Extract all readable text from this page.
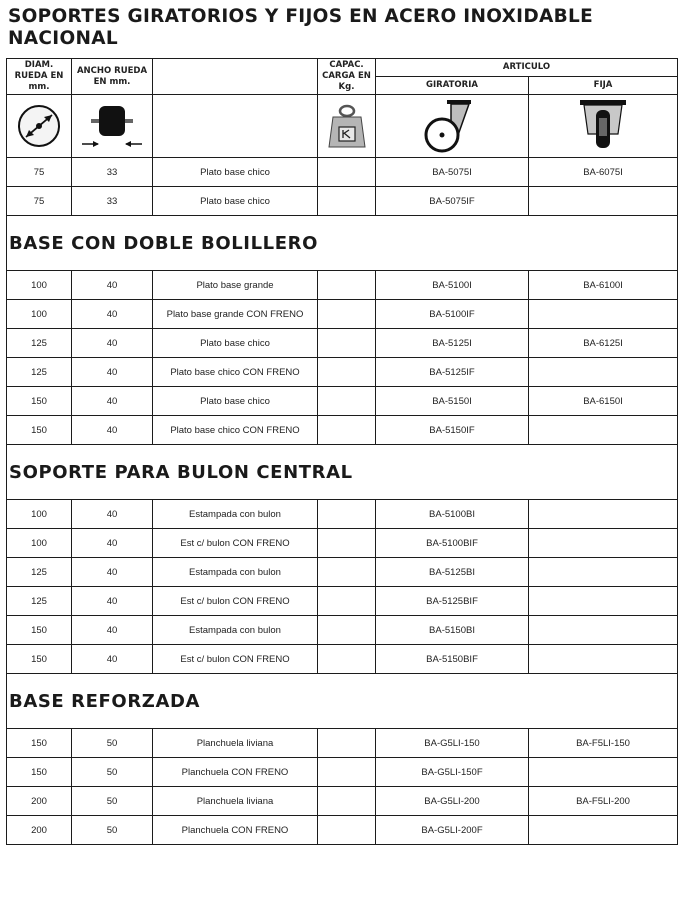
SOPORTES GIRATORIOS Y FIJOS EN ACERO INOXIDABLE NACIONAL
DIAM. RUEDA EN mm.	ANCHO RUEDA EN mm.		CAPAC. CARGA EN Kg.	ARTICULO	
				GIRATORIA	FIJA

75	33	Plato base chico		BA-5075I	BA-6075I
75	33	Plato base chico		BA-5075IF	
BASE CON DOBLE BOLILLERO					
100	40	Plato base grande		BA-5100I	BA-6100I
100	40	Plato base grande CON FRENO		BA-5100IF	
125	40	Plato base chico		BA-5125I	BA-6125I
125	40	Plato base chico CON FRENO		BA-5125IF	
150	40	Plato base chico		BA-5150I	BA-6150I
150	40	Plato base chico CON FRENO		BA-5150IF	
SOPORTE PARA BULON CENTRAL					
100	40	Estampada con bulon		BA-5100BI	
100	40	Est c/ bulon CON FRENO		BA-5100BIF	
125	40	Estampada con bulon		BA-5125BI	
125	40	Est c/ bulon CON FRENO		BA-5125BIF	
150	40	Estampada con bulon		BA-5150BI	
150	40	Est c/ bulon CON FRENO		BA-5150BIF	
BASE REFORZADA					
150	50	Planchuela liviana		BA-G5LI-150	BA-F5LI-150
150	50	Planchuela CON FRENO		BA-G5LI-150F	
200	50	Planchuela liviana		BA-G5LI-200	BA-F5LI-200
200	50	Planchuela CON FRENO		BA-G5LI-200F	
